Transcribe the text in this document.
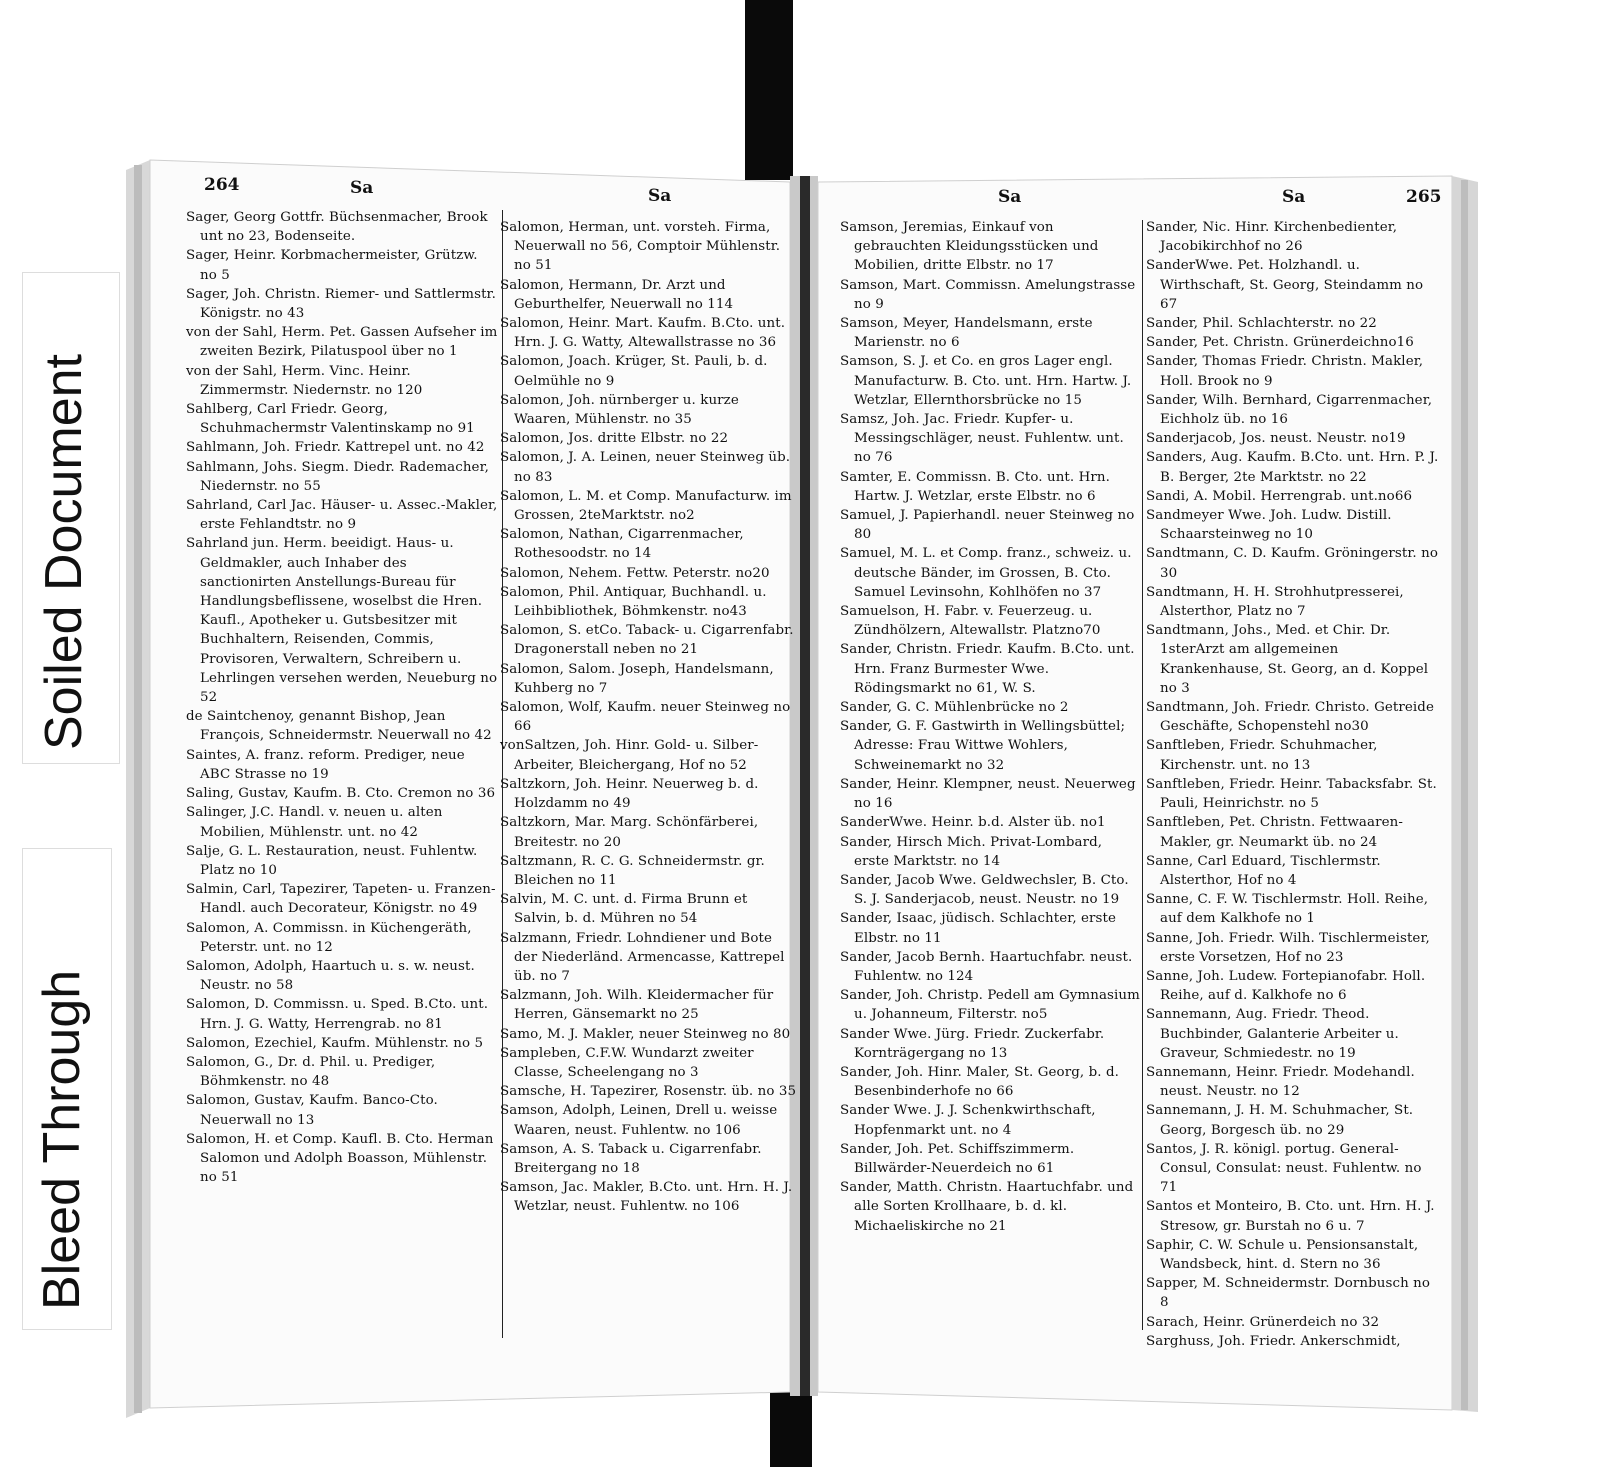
Bleed Through
Soiled Document
264	Sa	Sa
Sager, Georg Gottfr. Büchsenmacher, Brook unt no 23, Bodenseite.
Sager, Heinr. Korbmachermeister, Grützw. no 5
Sager, Joh. Christn. Riemer- und Sattlermstr. Königstr. no 43
von der Sahl, Herm. Pet. Gassen Aufseher im zweiten Bezirk, Pilatuspool über no 1
von der Sahl, Herm. Vinc. Heinr. Zimmermstr. Niedernstr. no 120
Sahlberg, Carl Friedr. Georg, Schuhmachermstr Valentinskamp no 91
Sahlmann, Joh. Friedr. Kattrepel unt. no 42
Sahlmann, Johs. Siegm. Diedr. Rademacher, Niedernstr. no 55
Sahrland, Carl Jac. Häuser- u. Assec.-Makler, erste Fehlandtstr. no 9
Sahrland jun. Herm. beeidigt. Haus- u. Geldmakler, auch Inhaber des sanctionirten Anstellungs-Bureau für Handlungsbeflissene, woselbst die Hren. Kaufl., Apotheker u. Gutsbesitzer mit Buchhaltern, Reisenden, Commis, Provisoren, Verwaltern, Schreibern u. Lehrlingen versehen werden, Neueburg no 52
de Saintchenoy, genannt Bishop, Jean François, Schneidermstr. Neuerwall no 42
Saintes, A. franz. reform. Prediger, neue ABC Strasse no 19
Saling, Gustav, Kaufm. B. Cto. Cremon no 36
Salinger, J.C. Handl. v. neuen u. alten Mobilien, Mühlenstr. unt. no 42
Salje, G. L. Restauration, neust. Fuhlentw. Platz no 10
Salmin, Carl, Tapezirer, Tapeten- u. Franzen-Handl. auch Decorateur, Königstr. no 49
Salomon, A. Commissn. in Küchengeräth, Peterstr. unt. no 12
Salomon, Adolph, Haartuch u. s. w. neust. Neustr. no 58
Salomon, D. Commissn. u. Sped. B.Cto. unt. Hrn. J. G. Watty, Herrengrab. no 81
Salomon, Ezechiel, Kaufm. Mühlenstr. no 5
Salomon, G., Dr. d. Phil. u. Prediger, Böhmkenstr. no 48
Salomon, Gustav, Kaufm. Banco-Cto. Neuerwall no 13
Salomon, H. et Comp. Kaufl. B. Cto. Herman Salomon und Adolph Boasson, Mühlenstr. no 51
Salomon, Herman, unt. vorsteh. Firma, Neuerwall no 56, Comptoir Mühlenstr. no 51
Salomon, Hermann, Dr. Arzt und Geburthelfer, Neuerwall no 114
Salomon, Heinr. Mart. Kaufm. B.Cto. unt. Hrn. J. G. Watty, Altewallstrasse no 36
Salomon, Joach. Krüger, St. Pauli, b. d. Oelmühle no 9
Salomon, Joh. nürnberger u. kurze Waaren, Mühlenstr. no 35
Salomon, Jos. dritte Elbstr. no 22
Salomon, J. A. Leinen, neuer Steinweg üb. no 83
Salomon, L. M. et Comp. Manufacturw. im Grossen, 2teMarktstr. no2
Salomon, Nathan, Cigarrenmacher, Rothesoodstr. no 14
Salomon, Nehem. Fettw. Peterstr. no20
Salomon, Phil. Antiquar, Buchhandl. u. Leihbibliothek, Böhmkenstr. no43
Salomon, S. etCo. Taback- u. Cigarrenfabr. Dragonerstall neben no 21
Salomon, Salom. Joseph, Handelsmann, Kuhberg no 7
Salomon, Wolf, Kaufm. neuer Steinweg no 66
vonSaltzen, Joh. Hinr. Gold- u. Silber-Arbeiter, Bleichergang, Hof no 52
Saltzkorn, Joh. Heinr. Neuerweg b. d. Holzdamm no 49
Saltzkorn, Mar. Marg. Schönfärberei, Breitestr. no 20
Saltzmann, R. C. G. Schneidermstr. gr. Bleichen no 11
Salvin, M. C. unt. d. Firma Brunn et Salvin, b. d. Mühren no 54
Salzmann, Friedr. Lohndiener und Bote der Niederländ. Armencasse, Kattrepel üb. no 7
Salzmann, Joh. Wilh. Kleidermacher für Herren, Gänsemarkt no 25
Samo, M. J. Makler, neuer Steinweg no 80
Sampleben, C.F.W. Wundarzt zweiter Classe, Scheelengang no 3
Samsche, H. Tapezirer, Rosenstr. üb. no 35
Samson, Adolph, Leinen, Drell u. weisse Waaren, neust. Fuhlentw. no 106
Samson, A. S. Taback u. Cigarrenfabr. Breitergang no 18
Samson, Jac. Makler, B.Cto. unt. Hrn. H. J. Wetzlar, neust. Fuhlentw. no 106
Sa	Sa	265
Samson, Jeremias, Einkauf von gebrauchten Kleidungsstücken und Mobilien, dritte Elbstr. no 17
Samson, Mart. Commissn. Amelungstrasse no 9
Samson, Meyer, Handelsmann, erste Marienstr. no 6
Samson, S. J. et Co. en gros Lager engl. Manufacturw. B. Cto. unt. Hrn. Hartw. J. Wetzlar, Ellernthorsbrücke no 15
Samsz, Joh. Jac. Friedr. Kupfer- u. Messingschläger, neust. Fuhlentw. unt. no 76
Samter, E. Commissn. B. Cto. unt. Hrn. Hartw. J. Wetzlar, erste Elbstr. no 6
Samuel, J. Papierhandl. neuer Steinweg no 80
Samuel, M. L. et Comp. franz., schweiz. u. deutsche Bänder, im Grossen, B. Cto. Samuel Levinsohn, Kohlhöfen no 37
Samuelson, H. Fabr. v. Feuerzeug. u. Zündhölzern, Altewallstr. Platzno70
Sander, Christn. Friedr. Kaufm. B.Cto. unt. Hrn. Franz Burmester Wwe. Rödingsmarkt no 61, W. S.
Sander, G. C. Mühlenbrücke no 2
Sander, G. F. Gastwirth in Wellingsbüttel; Adresse: Frau Wittwe Wohlers, Schweinemarkt no 32
Sander, Heinr. Klempner, neust. Neuerweg no 16
SanderWwe. Heinr. b.d. Alster üb. no1
Sander, Hirsch Mich. Privat-Lombard, erste Marktstr. no 14
Sander, Jacob Wwe. Geldwechsler, B. Cto. S. J. Sanderjacob, neust. Neustr. no 19
Sander, Isaac, jüdisch. Schlachter, erste Elbstr. no 11
Sander, Jacob Bernh. Haartuchfabr. neust. Fuhlentw. no 124
Sander, Joh. Christp. Pedell am Gymnasium u. Johanneum, Filterstr. no5
Sander Wwe. Jürg. Friedr. Zuckerfabr. Kornträgergang no 13
Sander, Joh. Hinr. Maler, St. Georg, b. d. Besenbinderhofe no 66
Sander Wwe. J. J. Schenkwirthschaft, Hopfenmarkt unt. no 4
Sander, Joh. Pet. Schiffszimmerm. Billwärder-Neuerdeich no 61
Sander, Matth. Christn. Haartuchfabr. und alle Sorten Krollhaare, b. d. kl. Michaeliskirche no 21
Sander, Nic. Hinr. Kirchenbedienter, Jacobikirchhof no 26
SanderWwe. Pet. Holzhandl. u. Wirthschaft, St. Georg, Steindamm no 67
Sander, Phil. Schlachterstr. no 22
Sander, Pet. Christn. Grünerdeichno16
Sander, Thomas Friedr. Christn. Makler, Holl. Brook no 9
Sander, Wilh. Bernhard, Cigarrenmacher, Eichholz üb. no 16
Sanderjacob, Jos. neust. Neustr. no19
Sanders, Aug. Kaufm. B.Cto. unt. Hrn. P. J. B. Berger, 2te Marktstr. no 22
Sandi, A. Mobil. Herrengrab. unt.no66
Sandmeyer Wwe. Joh. Ludw. Distill. Schaarsteinweg no 10
Sandtmann, C. D. Kaufm. Gröningerstr. no 30
Sandtmann, H. H. Strohhutpresserei, Alsterthor, Platz no 7
Sandtmann, Johs., Med. et Chir. Dr. 1sterArzt am allgemeinen Krankenhause, St. Georg, an d. Koppel no 3
Sandtmann, Joh. Friedr. Christo. Getreide Geschäfte, Schopenstehl no30
Sanftleben, Friedr. Schuhmacher, Kirchenstr. unt. no 13
Sanftleben, Friedr. Heinr. Tabacksfabr. St. Pauli, Heinrichstr. no 5
Sanftleben, Pet. Christn. Fettwaaren-Makler, gr. Neumarkt üb. no 24
Sanne, Carl Eduard, Tischlermstr. Alsterthor, Hof no 4
Sanne, C. F. W. Tischlermstr. Holl. Reihe, auf dem Kalkhofe no 1
Sanne, Joh. Friedr. Wilh. Tischlermeister, erste Vorsetzen, Hof no 23
Sanne, Joh. Ludew. Fortepianofabr. Holl. Reihe, auf d. Kalkhofe no 6
Sannemann, Aug. Friedr. Theod. Buchbinder, Galanterie Arbeiter u. Graveur, Schmiedestr. no 19
Sannemann, Heinr. Friedr. Modehandl. neust. Neustr. no 12
Sannemann, J. H. M. Schuhmacher, St. Georg, Borgesch üb. no 29
Santos, J. R. königl. portug. General-Consul, Consulat: neust. Fuhlentw. no 71
Santos et Monteiro, B. Cto. unt. Hrn. H. J. Stresow, gr. Burstah no 6 u. 7
Saphir, C. W. Schule u. Pensionsanstalt, Wandsbeck, hint. d. Stern no 36
Sapper, M. Schneidermstr. Dornbusch no 8
Sarach, Heinr. Grünerdeich no 32
Sarghuss, Joh. Friedr. Ankerschmidt,
